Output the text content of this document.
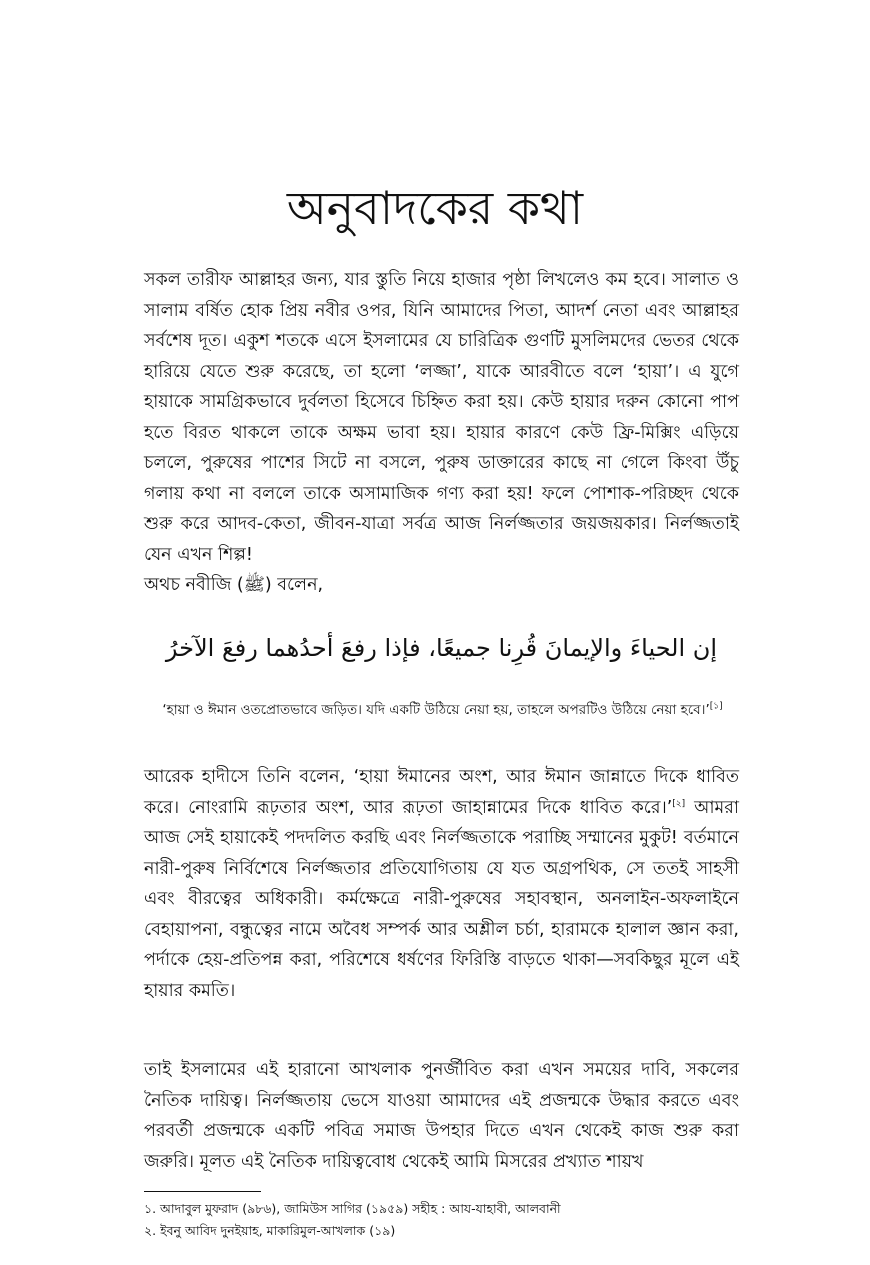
অনুবাদকের কথা

সকল তারীফ আল্লাহর জন্য, যার স্তুতি নিয়ে হাজার পৃষ্ঠা লিখলেও কম হবে। সালাত ও সালাম বর্ষিত হোক প্রিয় নবীর ওপর, যিনি আমাদের পিতা, আদর্শ নেতা এবং আল্লাহর সর্বশেষ দূত। একুশ শতকে এসে ইসলামের যে চারিত্রিক গুণটি মুসলিমদের ভেতর থেকে হারিয়ে যেতে শুরু করেছে, তা হলো ‘লজ্জা’, যাকে আরবীতে বলে ‘হায়া’। এ যুগে হায়াকে সামগ্রিকভাবে দুর্বলতা হিসেবে চিহ্নিত করা হয়। কেউ হায়ার দরুন কোনো পাপ হতে বিরত থাকলে তাকে অক্ষম ভাবা হয়। হায়ার কারণে কেউ ফ্রি-মিক্সিং এড়িয়ে চললে, পুরুষের পাশের সিটে না বসলে, পুরুষ ডাক্তারের কাছে না গেলে কিংবা উঁচু গলায় কথা না বললে তাকে অসামাজিক গণ্য করা হয়! ফলে পোশাক-পরিচ্ছদ থেকে শুরু করে আদব-কেতা, জীবন-যাত্রা সর্বত্র আজ নির্লজ্জতার জয়জয়কার। নির্লজ্জতাই যেন এখন শিল্প!

অথচ নবীজি (ﷺ) বলেন,

إن الحياءَ والإيمانَ قُرِنا جميعًا، فإذا رفعَ أحدُهما رفعَ الآخرُ
‘হায়া ও ঈমান ওতপ্রোতভাবে জড়িত। যদি একটি উঠিয়ে নেয়া হয়, তাহলে অপরটিও উঠিয়ে নেয়া হবে।’[১]

আরেক হাদীসে তিনি বলেন, ‘হায়া ঈমানের অংশ, আর ঈমান জান্নাতে দিকে ধাবিত করে। নোংরামি রূঢ়তার অংশ, আর রূঢ়তা জাহান্নামের দিকে ধাবিত করে।’[২] আমরা আজ সেই হায়াকেই পদদলিত করছি এবং নির্লজ্জতাকে পরাচ্ছি সম্মানের মুকুট! বর্তমানে নারী-পুরুষ নির্বিশেষে নির্লজ্জতার প্রতিযোগিতায় যে যত অগ্রপথিক, সে ততই সাহসী এবং বীরত্বের অধিকারী। কর্মক্ষেত্রে নারী-পুরুষের সহাবস্থান, অনলাইন-অফলাইনে বেহায়াপনা, বন্ধুত্বের নামে অবৈধ সম্পর্ক আর অশ্লীল চর্চা, হারামকে হালাল জ্ঞান করা, পর্দাকে হেয়-প্রতিপন্ন করা, পরিশেষে ধর্ষণের ফিরিস্তি বাড়তে থাকা—সবকিছুর মূলে এই হায়ার কমতি।

তাই ইসলামের এই হারানো আখলাক পুনর্জীবিত করা এখন সময়ের দাবি, সকলের নৈতিক দায়িত্ব। নির্লজ্জতায় ভেসে যাওয়া আমাদের এই প্রজন্মকে উদ্ধার করতে এবং পরবর্তী প্রজন্মকে একটি পবিত্র সমাজ উপহার দিতে এখন থেকেই কাজ শুরু করা জরুরি। মূলত এই নৈতিক দায়িত্ববোধ থেকেই আমি মিসরের প্রখ্যাত শায়খ

১. আদাবুল মুফরাদ (৯৮৬), জামিউস সাগির (১৯৫৯) সহীহ : আয-যাহাবী, আলবানী
২. ইবনু আবিদ দুনইয়াহ, মাকারিমুল-আখলাক (১৯)
